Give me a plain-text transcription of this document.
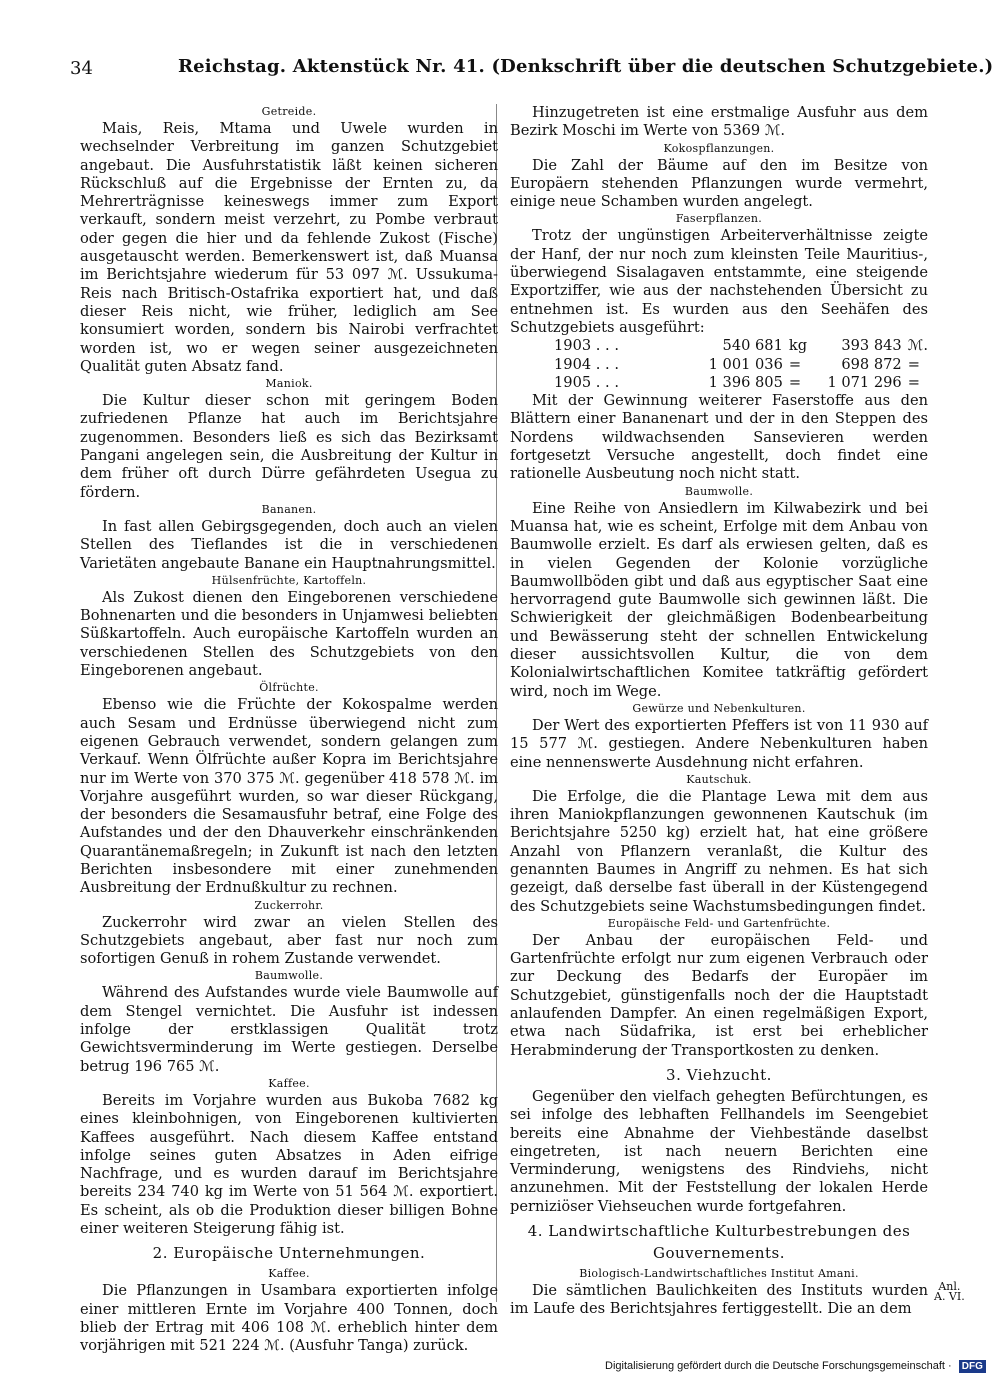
34	Reichstag. Aktenstück Nr. 41. (Denkschrift über die deutschen Schutzgebiete.)
Getreide.

Mais, Reis, Mtama und Uwele wurden in wechselnder Verbreitung im ganzen Schutzgebiet angebaut. Die Ausfuhrstatistik läßt keinen sicheren Rückschluß auf die Ergebnisse der Ernten zu, da Mehrerträgnisse keineswegs immer zum Export verkauft, sondern meist verzehrt, zu Pombe verbraut oder gegen die hier und da fehlende Zukost (Fische) ausgetauscht werden. Bemerkenswert ist, daß Muansa im Berichtsjahre wiederum für 53 097 ℳ. Ussukuma-Reis nach Britisch-Ostafrika exportiert hat, und daß dieser Reis nicht, wie früher, lediglich am See konsumiert worden, sondern bis Nairobi verfrachtet worden ist, wo er wegen seiner ausgezeichneten Qualität guten Absatz fand.

Maniok.

Die Kultur dieser schon mit geringem Boden zufriedenen Pflanze hat auch im Berichtsjahre zugenommen. Besonders ließ es sich das Bezirksamt Pangani angelegen sein, die Ausbreitung der Kultur in dem früher oft durch Dürre gefährdeten Usegua zu fördern.

Bananen.

In fast allen Gebirgsgegenden, doch auch an vielen Stellen des Tieflandes ist die in verschiedenen Varietäten angebaute Banane ein Hauptnahrungsmittel.

Hülsenfrüchte, Kartoffeln.

Als Zukost dienen den Eingeborenen verschiedene Bohnenarten und die besonders in Unjamwesi beliebten Süßkartoffeln. Auch europäische Kartoffeln wurden an verschiedenen Stellen des Schutzgebiets von den Eingeborenen angebaut.

Ölfrüchte.

Ebenso wie die Früchte der Kokospalme werden auch Sesam und Erdnüsse überwiegend nicht zum eigenen Gebrauch verwendet, sondern gelangen zum Verkauf. Wenn Ölfrüchte außer Kopra im Berichtsjahre nur im Werte von 370 375 ℳ. gegenüber 418 578 ℳ. im Vorjahre ausgeführt wurden, so war dieser Rückgang, der besonders die Sesamausfuhr betraf, eine Folge des Aufstandes und der den Dhauverkehr einschränkenden Quarantänemaßregeln; in Zukunft ist nach den letzten Berichten insbesondere mit einer zunehmenden Ausbreitung der Erdnußkultur zu rechnen.

Zuckerrohr.

Zuckerrohr wird zwar an vielen Stellen des Schutzgebiets angebaut, aber fast nur noch zum sofortigen Genuß in rohem Zustande verwendet.

Baumwolle.

Während des Aufstandes wurde viele Baumwolle auf dem Stengel vernichtet. Die Ausfuhr ist indessen infolge der erstklassigen Qualität trotz Gewichtsverminderung im Werte gestiegen. Derselbe betrug 196 765 ℳ.

Kaffee.

Bereits im Vorjahre wurden aus Bukoba 7682 kg eines kleinbohnigen, von Eingeborenen kultivierten Kaffees ausgeführt. Nach diesem Kaffee entstand infolge seines guten Absatzes in Aden eifrige Nachfrage, und es wurden darauf im Berichtsjahre bereits 234 740 kg im Werte von 51 564 ℳ. exportiert. Es scheint, als ob die Produktion dieser billigen Bohne einer weiteren Steigerung fähig ist.

2. Europäische Unternehmungen.
Kaffee.

Die Pflanzungen in Usambara exportierten infolge einer mittleren Ernte im Vorjahre 400 Tonnen, doch blieb der Ertrag mit 406 108 ℳ. erheblich hinter dem vorjährigen mit 521 224 ℳ. (Ausfuhr Tanga) zurück.

Hinzugetreten ist eine erstmalige Ausfuhr aus dem Bezirk Moschi im Werte von 5369 ℳ.

Kokospflanzungen.

Die Zahl der Bäume auf den im Besitze von Europäern stehenden Pflanzungen wurde vermehrt, einige neue Schamben wurden angelegt.

Faserpflanzen.

Trotz der ungünstigen Arbeiterverhältnisse zeigte der Hanf, der nur noch zum kleinsten Teile Mauritius-, überwiegend Sisalagaven entstammte, eine steigende Exportziffer, wie aus der nachstehenden Übersicht zu entnehmen ist. Es wurden aus den Seehäfen des Schutzgebiets ausgeführt:

1903 . . .	540 681	kg	393 843	ℳ.
1904 . . .	1 001 036	=	698 872	=
1905 . . .	1 396 805	=	1 071 296	=

Mit der Gewinnung weiterer Faserstoffe aus den Blättern einer Bananenart und der in den Steppen des Nordens wildwachsenden Sansevieren werden fortgesetzt Versuche angestellt, doch findet eine rationelle Ausbeutung noch nicht statt.

Baumwolle.

Eine Reihe von Ansiedlern im Kilwabezirk und bei Muansa hat, wie es scheint, Erfolge mit dem Anbau von Baumwolle erzielt. Es darf als erwiesen gelten, daß es in vielen Gegenden der Kolonie vorzügliche Baumwollböden gibt und daß aus egyptischer Saat eine hervorragend gute Baumwolle sich gewinnen läßt. Die Schwierigkeit der gleichmäßigen Bodenbearbeitung und Bewässerung steht der schnellen Entwickelung dieser aussichtsvollen Kultur, die von dem Kolonialwirtschaftlichen Komitee tatkräftig gefördert wird, noch im Wege.

Gewürze und Nebenkulturen.

Der Wert des exportierten Pfeffers ist von 11 930 auf 15 577 ℳ. gestiegen. Andere Nebenkulturen haben eine nennenswerte Ausdehnung nicht erfahren.

Kautschuk.

Die Erfolge, die die Plantage Lewa mit dem aus ihren Maniokpflanzungen gewonnenen Kautschuk (im Berichtsjahre 5250 kg) erzielt hat, hat eine größere Anzahl von Pflanzern veranlaßt, die Kultur des genannten Baumes in Angriff zu nehmen. Es hat sich gezeigt, daß derselbe fast überall in der Küstengegend des Schutzgebiets seine Wachstumsbedingungen findet.

Europäische Feld- und Gartenfrüchte.

Der Anbau der europäischen Feld- und Gartenfrüchte erfolgt nur zum eigenen Verbrauch oder zur Deckung des Bedarfs der Europäer im Schutzgebiet, günstigenfalls noch der die Hauptstadt anlaufenden Dampfer. An einen regelmäßigen Export, etwa nach Südafrika, ist erst bei erheblicher Herabminderung der Transportkosten zu denken.

3. Viehzucht.

Gegenüber den vielfach gehegten Befürchtungen, es sei infolge des lebhaften Fellhandels im Seengebiet bereits eine Abnahme der Viehbestände daselbst eingetreten, ist nach neuern Berichten eine Verminderung, wenigstens des Rindviehs, nicht anzunehmen. Mit der Feststellung der lokalen Herde perniziöser Viehseuchen wurde fortgefahren.

4. Landwirtschaftliche Kulturbestrebungen des Gouvernements.
Biologisch-Landwirtschaftliches Institut Amani.

Die sämtlichen Baulichkeiten des Instituts wurden im Laufe des Berichtsjahres fertiggestellt. Die an dem

Anl.
A. VI.
Digitalisierung gefördert durch die Deutsche Forschungsgemeinschaft · DFG
